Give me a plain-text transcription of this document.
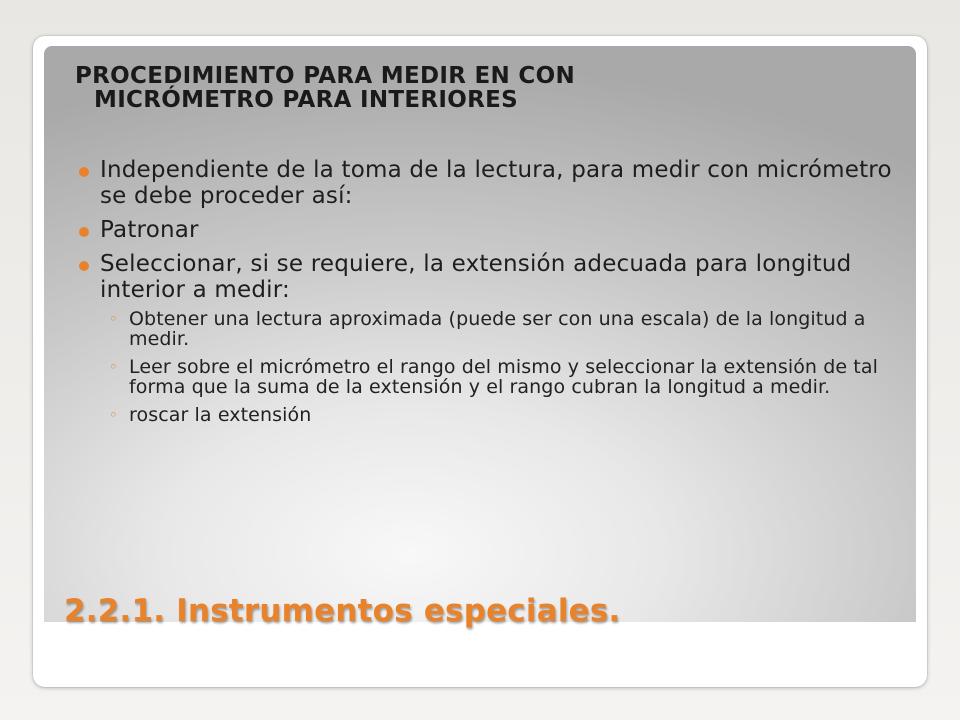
PROCEDIMIENTO PARA MEDIR EN CON
MICRÓMETRO PARA INTERIORES
Independiente de la toma de la lectura, para medir con micrómetro se debe proceder así:
Patronar
Seleccionar, si se requiere, la extensión adecuada para longitud interior a medir:
◦ Obtener una lectura aproximada (puede ser con una escala) de la longitud a medir.
◦ Leer sobre el micrómetro el rango del mismo y seleccionar la extensión de tal forma que la suma de la extensión y el rango cubran la longitud a medir.
◦ roscar la extensión
2.2.1. Instrumentos especiales.
